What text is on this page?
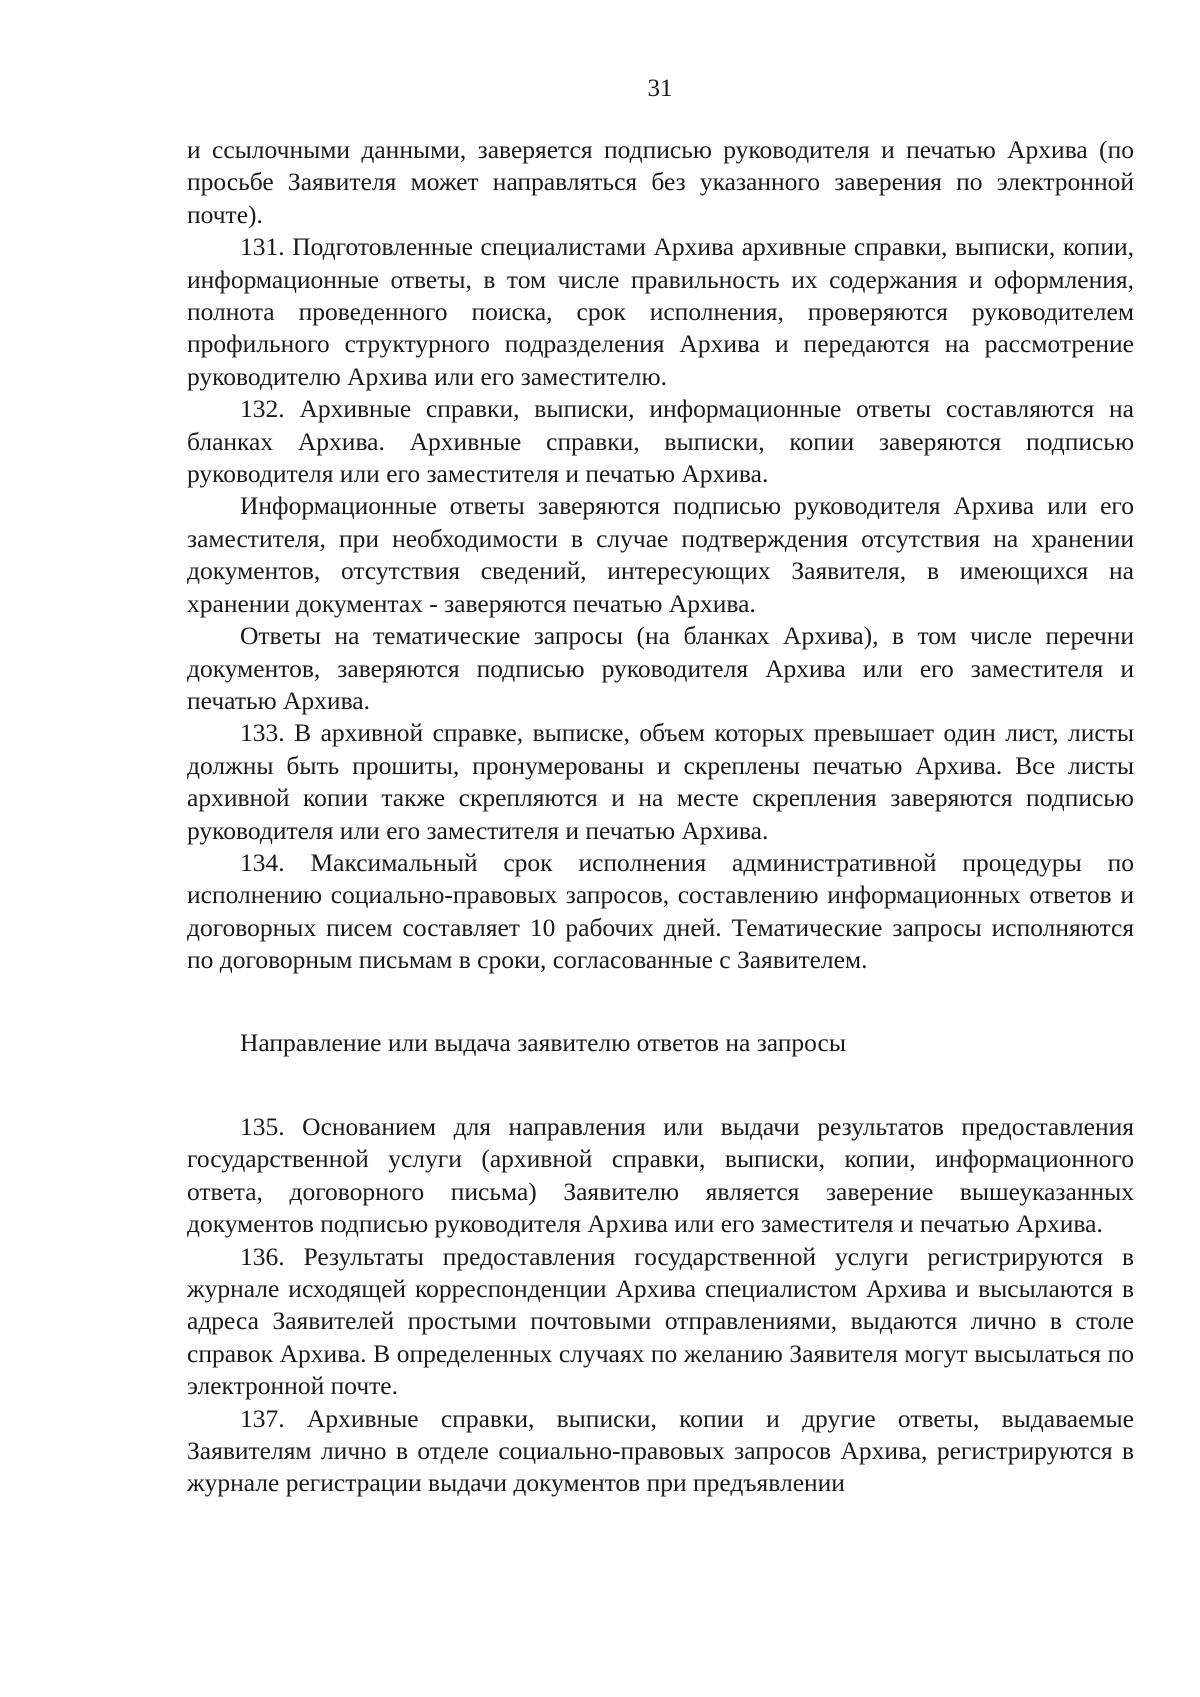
31

и ссылочными данными, заверяется подписью руководителя и печатью Архива (по просьбе Заявителя может направляться без указанного заверения по электронной почте).

131. Подготовленные специалистами Архива архивные справки, выписки, копии, информационные ответы, в том числе правильность их содержания и оформления, полнота проведенного поиска, срок исполнения, проверяются руководителем профильного структурного подразделения Архива и передаются на рассмотрение руководителю Архива или его заместителю.

132. Архивные справки, выписки, информационные ответы составляются на бланках Архива. Архивные справки, выписки, копии заверяются подписью руководителя или его заместителя и печатью Архива.

Информационные ответы заверяются подписью руководителя Архива или его заместителя, при необходимости в случае подтверждения отсутствия на хранении документов, отсутствия сведений, интересующих Заявителя, в имеющихся на хранении документах - заверяются печатью Архива.

Ответы на тематические запросы (на бланках Архива), в том числе перечни документов, заверяются подписью руководителя Архива или его заместителя и печатью Архива.

133. В архивной справке, выписке, объем которых превышает один лист, листы должны быть прошиты, пронумерованы и скреплены печатью Архива. Все листы архивной копии также скрепляются и на месте скрепления заверяются подписью руководителя или его заместителя и печатью Архива.

134. Максимальный срок исполнения административной процедуры по исполнению социально-правовых запросов, составлению информационных ответов и договорных писем составляет 10 рабочих дней. Тематические запросы исполняются по договорным письмам в сроки, согласованные с Заявителем.

Направление или выдача заявителю ответов на запросы

135. Основанием для направления или выдачи результатов предоставления государственной услуги (архивной справки, выписки, копии, информационного ответа, договорного письма) Заявителю является заверение вышеуказанных документов подписью руководителя Архива или его заместителя и печатью Архива.

136. Результаты предоставления государственной услуги регистрируются в журнале исходящей корреспонденции Архива специалистом Архива и высылаются в адреса Заявителей простыми почтовыми отправлениями, выдаются лично в столе справок Архива. В определенных случаях по желанию Заявителя могут высылаться по электронной почте.

137. Архивные справки, выписки, копии и другие ответы, выдаваемые Заявителям лично в отделе социально-правовых запросов Архива, регистрируются в журнале регистрации выдачи документов при предъявлении
